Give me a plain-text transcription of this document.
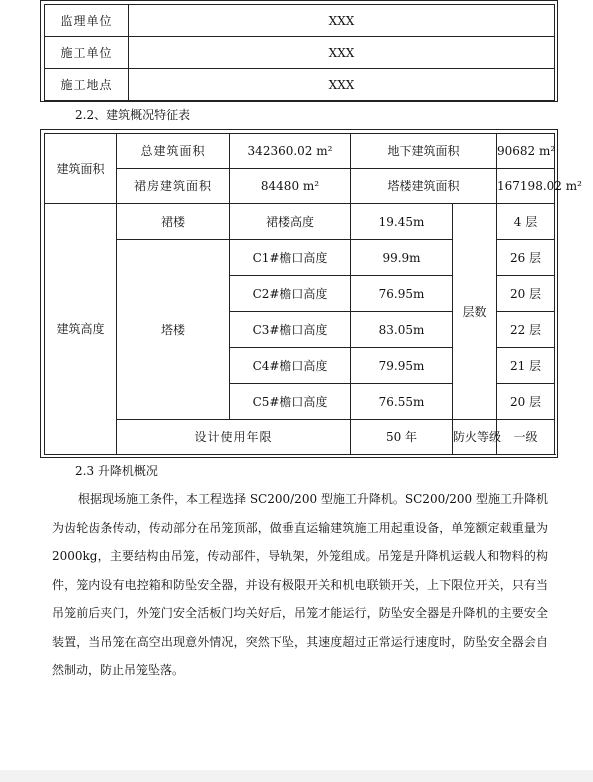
监理单位	XXX
施工单位	XXX
施工地点	XXX
2.2、建筑概况特征表
建筑面积	总建筑面积	342360.02 m²	地下建筑面积		90682 m²
	裙房建筑面积	84480 m²	塔楼建筑面积		167198.02 m²
建筑高度	裙楼	裙楼高度	19.45m	层数	4 层
	塔楼	C1#檐口高度	99.9m		26 层
		C2#檐口高度	76.95m		20 层
		C3#檐口高度	83.05m		22 层
		C4#檐口高度	79.95m		21 层
		C5#檐口高度	76.55m		20 层
	设计使用年限		50 年	防火等级	一级
2.3 升降机概况
根据现场施工条件，本工程选择 SC200/200 型施工升降机。SC200/200 型施工升降机为齿轮齿条传动，传动部分在吊笼顶部，做垂直运输建筑施工用起重设备，单笼额定载重量为 2000kg，主要结构由吊笼，传动部件，导轨架，外笼组成。吊笼是升降机运载人和物料的构件，笼内设有电控箱和防坠安全器，并设有极限开关和机电联锁开关，上下限位开关，只有当吊笼前后夹门，外笼门安全活板门均关好后，吊笼才能运行，防坠安全器是升降机的主要安全装置，当吊笼在高空出现意外情况，突然下坠，其速度超过正常运行速度时，防坠安全器会自然制动，防止吊笼坠落。
